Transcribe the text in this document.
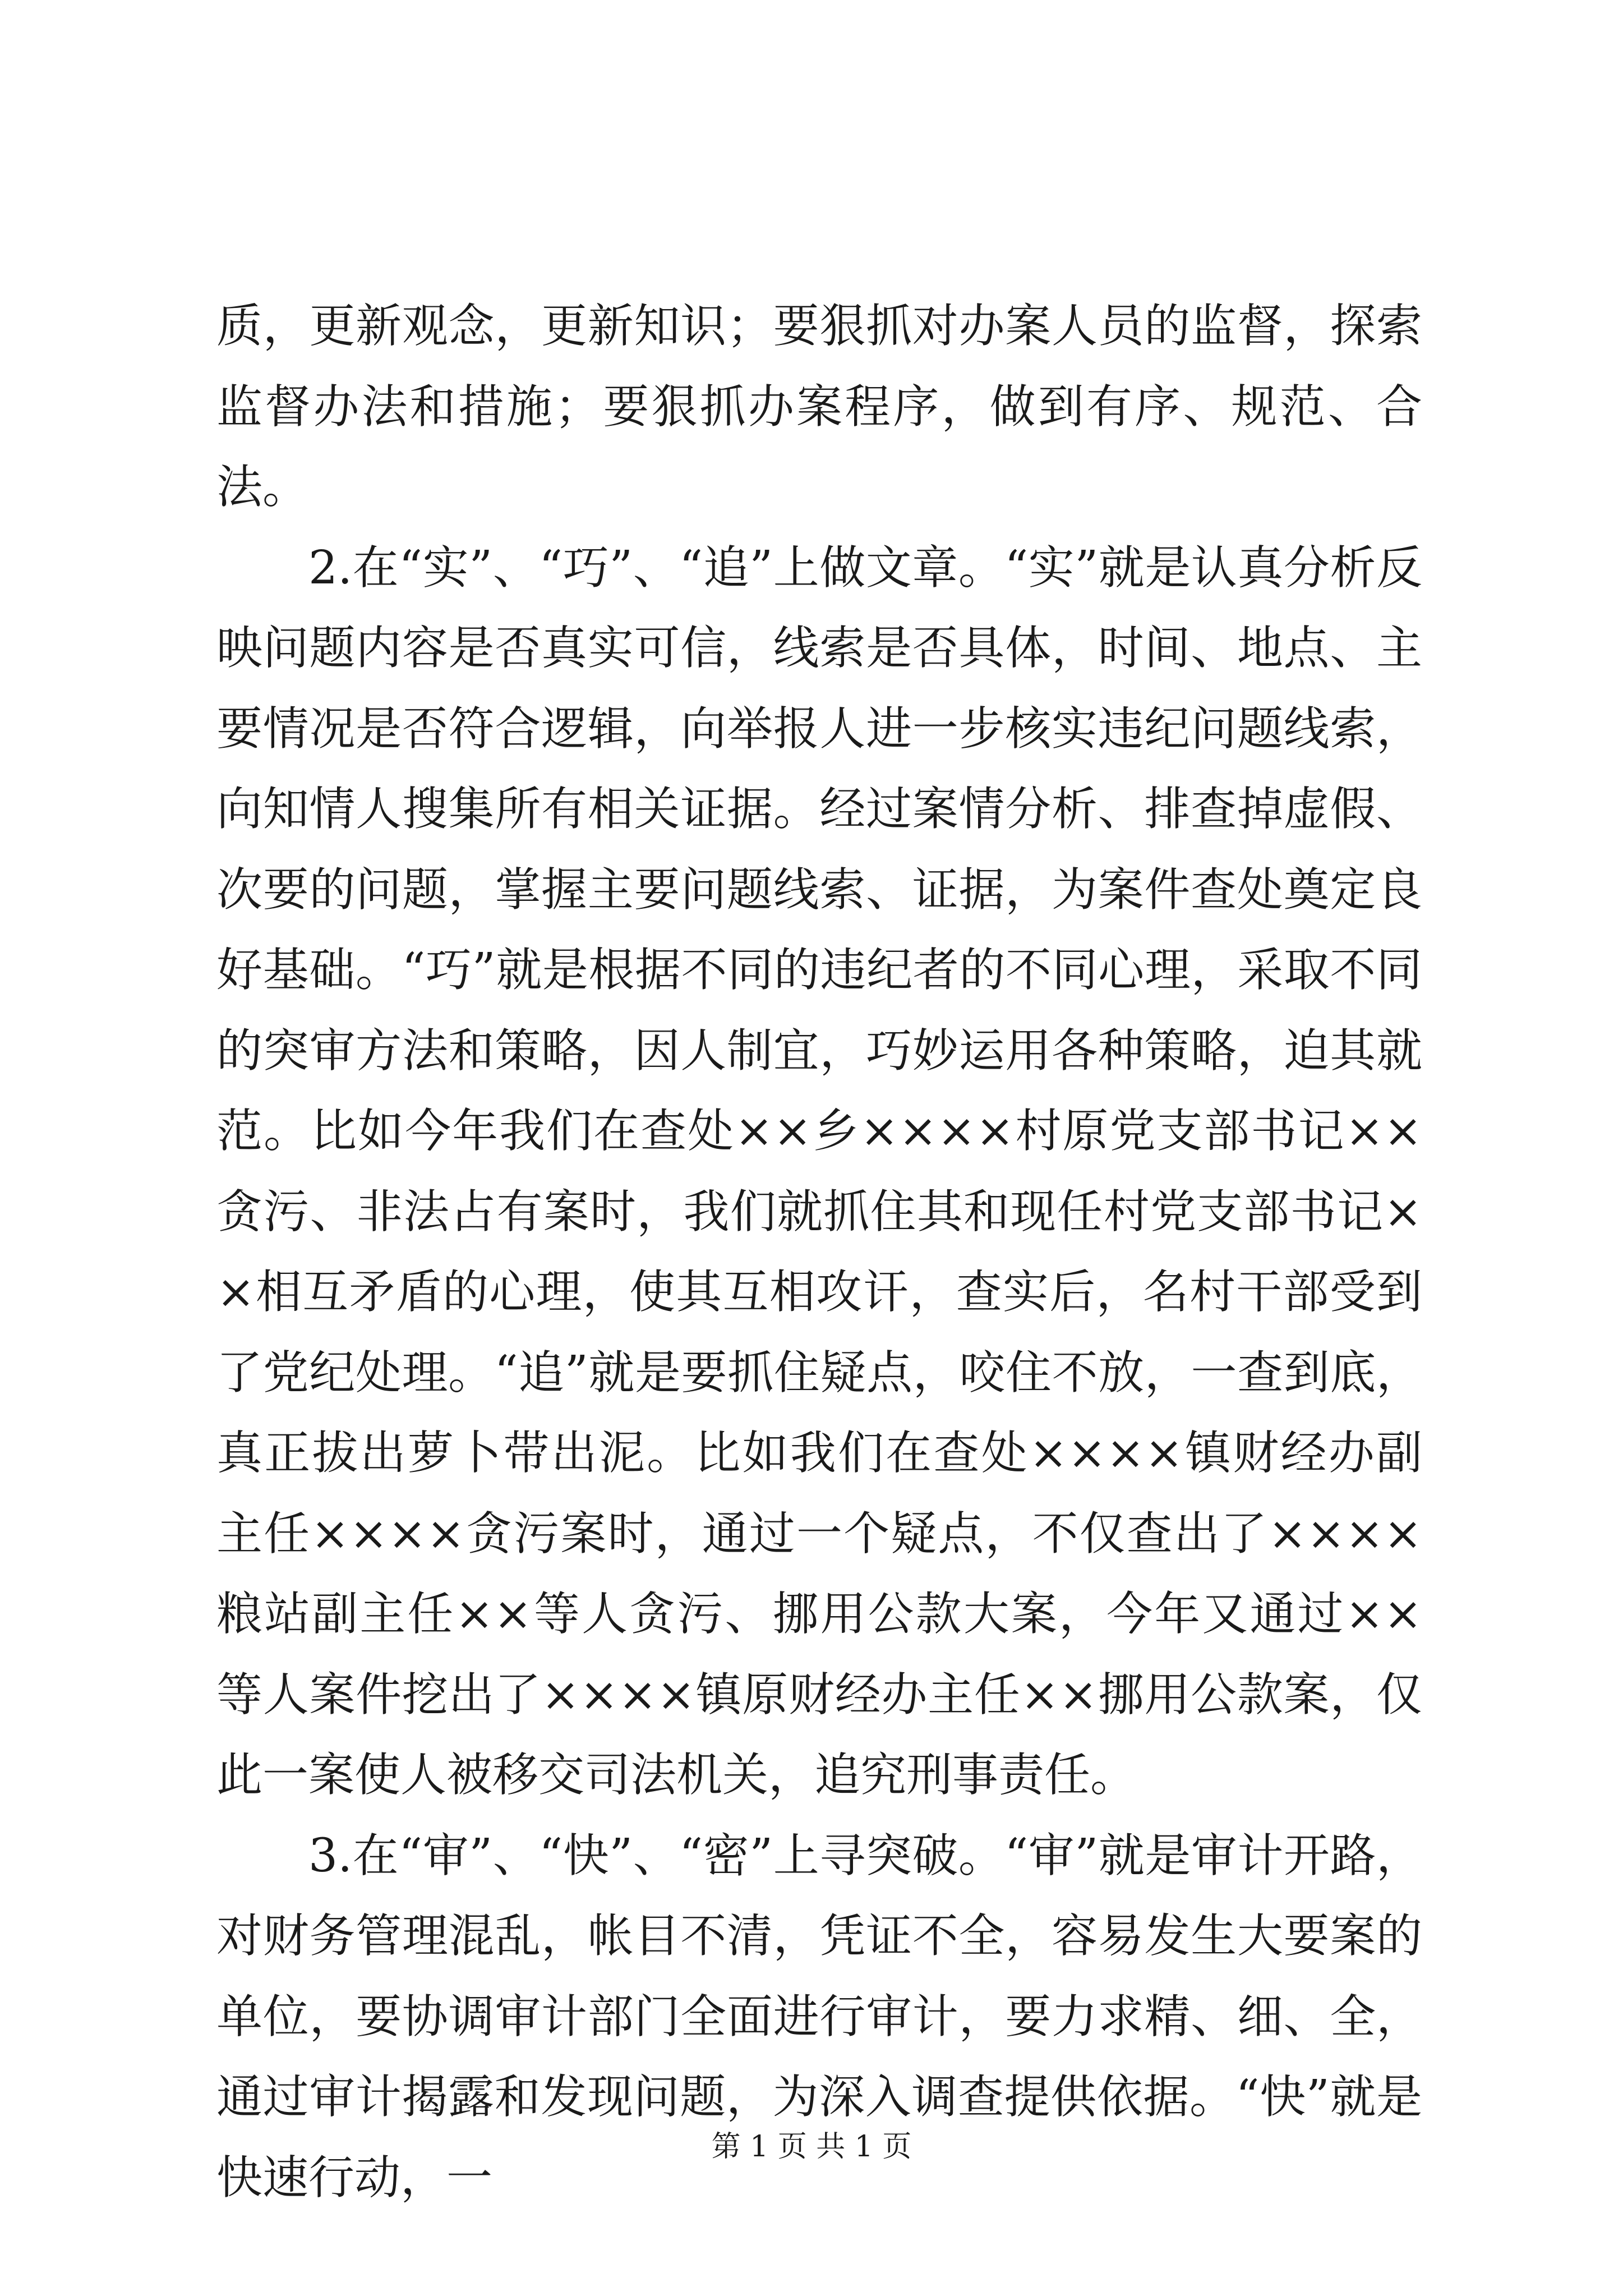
质，更新观念，更新知识；要狠抓对办案人员的监督，探索监督办法和措施；要狠抓办案程序，做到有序、规范、合法。

2.在“实”、“巧”、“追”上做文章。“实”就是认真分析反映问题内容是否真实可信，线索是否具体，时间、地点、主要情况是否符合逻辑，向举报人进一步核实违纪问题线索，向知情人搜集所有相关证据。经过案情分析、排查掉虚假、次要的问题，掌握主要问题线索、证据，为案件查处奠定良好基础。“巧”就是根据不同的违纪者的不同心理，采取不同的突审方法和策略，因人制宜，巧妙运用各种策略，迫其就范。比如今年我们在查处××乡××××村原党支部书记××贪污、非法占有案时，我们就抓住其和现任村党支部书记××相互矛盾的心理，使其互相攻讦，查实后，名村干部受到了党纪处理。“追”就是要抓住疑点，咬住不放，一查到底，真正拔出萝卜带出泥。比如我们在查处××××镇财经办副主任××××贪污案时，通过一个疑点，不仅查出了××××粮站副主任××等人贪污、挪用公款大案，今年又通过××等人案件挖出了××××镇原财经办主任××挪用公款案，仅此一案使人被移交司法机关，追究刑事责任。

3.在“审”、“快”、“密”上寻突破。“审”就是审计开路，对财务管理混乱，帐目不清，凭证不全，容易发生大要案的单位，要协调审计部门全面进行审计，要力求精、细、全，通过审计揭露和发现问题，为深入调查提供依据。“快”就是快速行动，一

第 1 页 共 1 页
